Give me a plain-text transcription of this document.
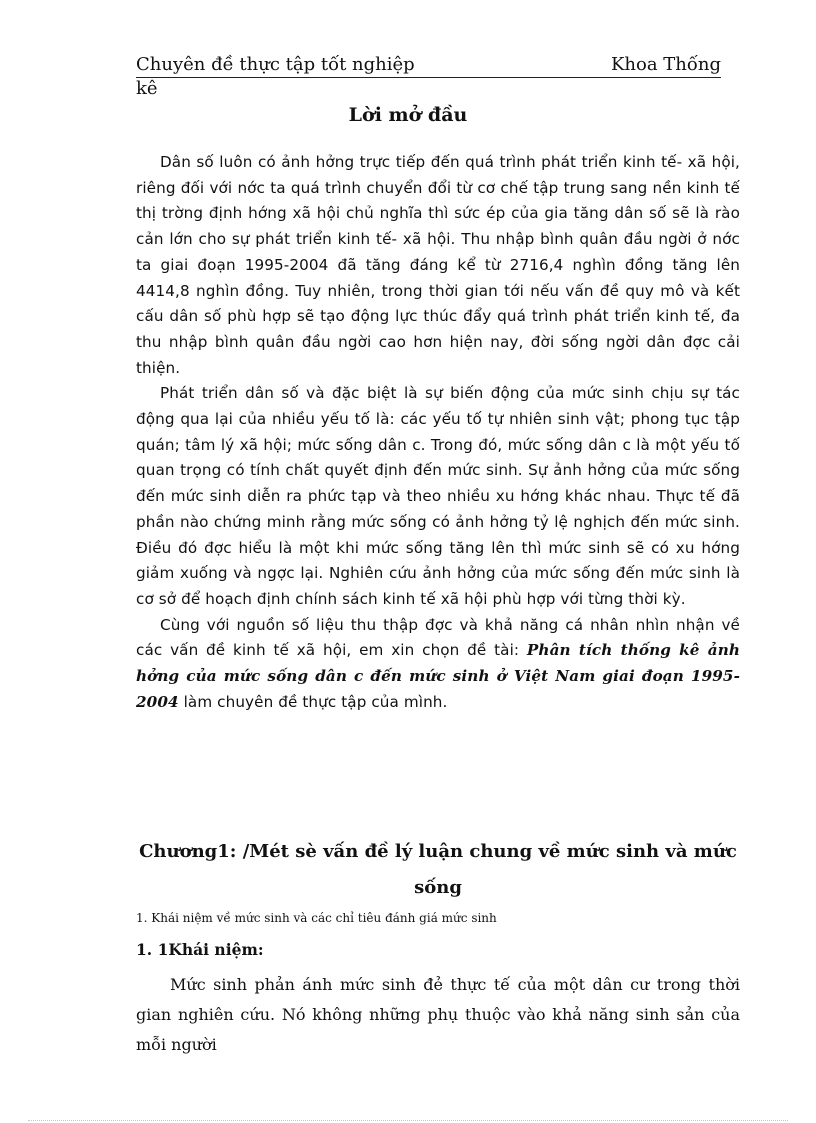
Chuyên đề thực tập tốt nghiệp	Khoa Thống
kê
Lời mở đầu

Dân số luôn có ảnh hởng trực tiếp đến quá trình phát triển kinh tế- xã hội, riêng đối với nớc ta quá trình chuyển đổi từ cơ chế tập trung sang nền kinh tế thị trờng định hớng xã hội chủ nghĩa thì sức ép của gia tăng dân số sẽ là rào cản lớn cho sự phát triển kinh tế- xã hội. Thu nhập bình quân đầu ngời ở nớc ta giai đoạn 1995-2004 đã tăng đáng kể từ 2716,4 nghìn đồng tăng lên 4414,8 nghìn đồng. Tuy nhiên, trong thời gian tới nếu vấn đề quy mô và kết cấu dân số phù hợp sẽ tạo động lực thúc đẩy quá trình phát triển kinh tế, đa thu nhập bình quân đầu ngời cao hơn hiện nay, đời sống ngời dân đợc cải thiện.

Phát triển dân số và đặc biệt là sự biến động của mức sinh chịu sự tác động qua lại của nhiều yếu tố là: các yếu tố tự nhiên sinh vật; phong tục tập quán; tâm lý xã hội; mức sống dân c. Trong đó, mức sống dân c là một yếu tố quan trọng có tính chất quyết định đến mức sinh. Sự ảnh hởng của mức sống đến mức sinh diễn ra phức tạp và theo nhiều xu hớng khác nhau. Thực tế đã phần nào chứng minh rằng mức sống có ảnh hởng tỷ lệ nghịch đến mức sinh. Điều đó đợc hiểu là một khi mức sống tăng lên thì mức sinh sẽ có xu hớng giảm xuống và ngợc lại. Nghiên cứu ảnh hởng của mức sống đến mức sinh là cơ sở để hoạch định chính sách kinh tế xã hội phù hợp với từng thời kỳ.

Cùng với nguồn số liệu thu thập đợc và khả năng cá nhân nhìn nhận về các vấn đề kinh tế xã hội, em xin chọn đề tài: Phân tích thống kê ảnh hởng của mức sống dân c đến mức sinh ở Việt Nam giai đoạn 1995-2004 làm chuyên đề thực tập của mình.

Chương1: /Mét sè vấn đề lý luận chung về mức sinh và mức sống
1. Khái niệm về mức sinh và các chỉ tiêu đánh giá mức sinh
1. 1Khái niệm:

Mức sinh phản ánh mức sinh đẻ thực tế của một dân cư trong thời gian nghiên cứu. Nó không những phụ thuộc vào khả năng sinh sản của mỗi người
